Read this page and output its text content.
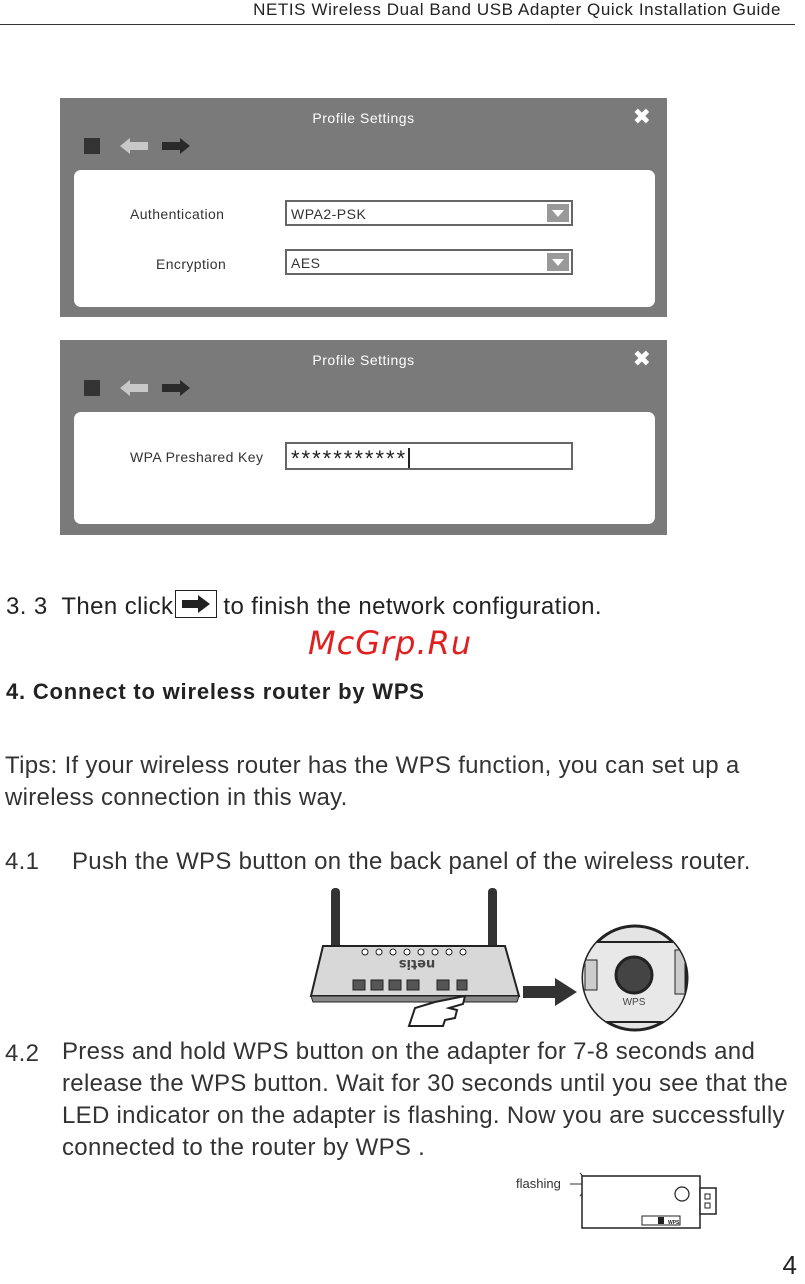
NETIS Wireless Dual Band USB Adapter Quick Installation Guide
Profile Settings	✖
Authentication	WPA2-PSK
Encryption	AES
Profile Settings	✖
WPA Preshared Key ***********
3. 3 Then click to finish the network configuration.
McGrp.Ru
4. Connect to wireless router by WPS
Tips: If your wireless router has the WPS function, you can set up a wireless connection in this way.
4.1 Push the WPS button on the back panel of the wireless router.
netis
WPS
4.2 Press and hold WPS button on the adapter for 7-8 seconds and release the WPS button. Wait for 30 seconds until you see that the LED indicator on the adapter is flashing. Now you are successfully connected to the router by WPS .
flashing
WPS
4
